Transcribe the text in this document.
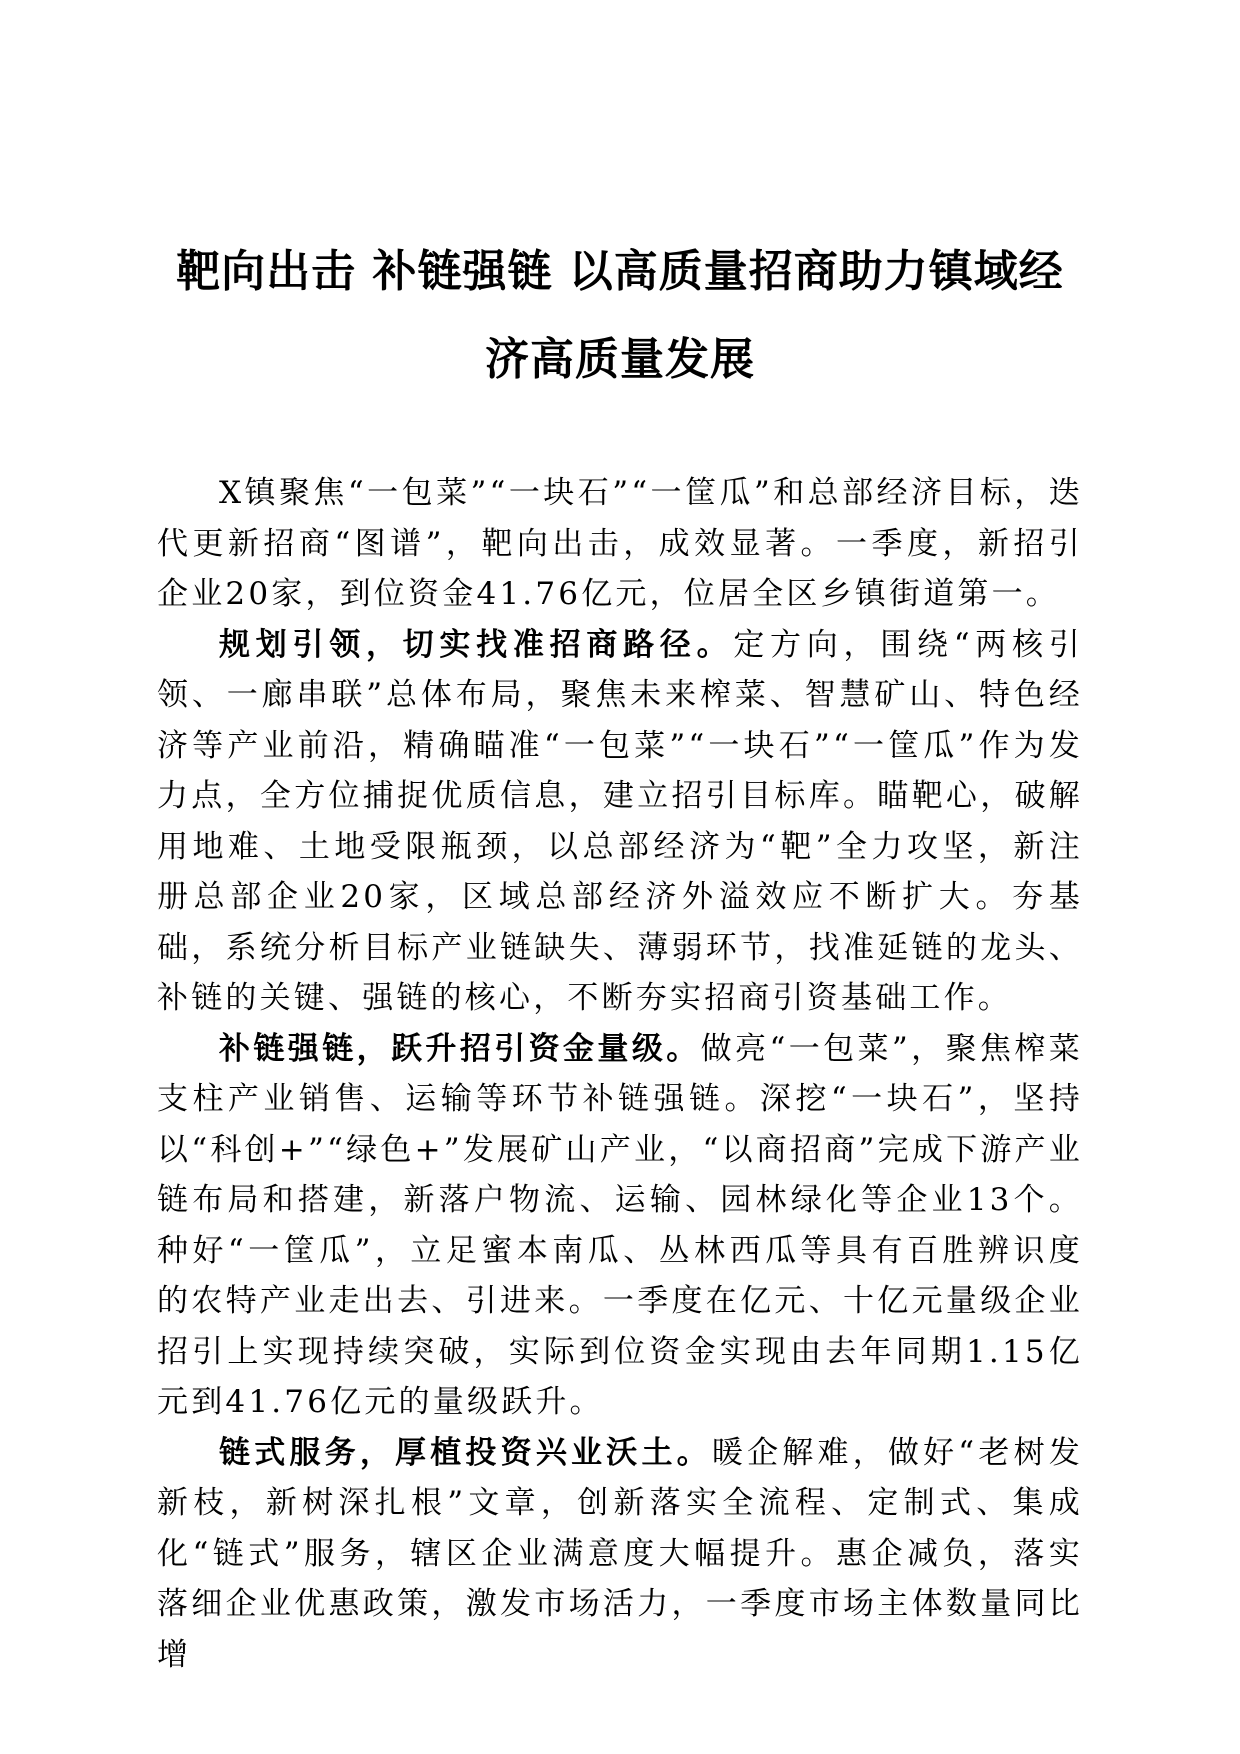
靶向出击 补链强链 以高质量招商助力镇域经
济高质量发展

X镇聚焦“一包菜”“一块石”“一筐瓜”和总部经济目标，迭代更新招商“图谱”，靶向出击，成效显著。一季度，新招引企业20家，到位资金41.76亿元，位居全区乡镇街道第一。

规划引领，切实找准招商路径。定方向，围绕“两核引领、一廊串联”总体布局，聚焦未来榨菜、智慧矿山、特色经济等产业前沿，精确瞄准“一包菜”“一块石”“一筐瓜”作为发力点，全方位捕捉优质信息，建立招引目标库。瞄靶心，破解用地难、土地受限瓶颈，以总部经济为“靶”全力攻坚，新注册总部企业20家，区域总部经济外溢效应不断扩大。夯基础，系统分析目标产业链缺失、薄弱环节，找准延链的龙头、补链的关键、强链的核心，不断夯实招商引资基础工作。

补链强链，跃升招引资金量级。做亮“一包菜”，聚焦榨菜支柱产业销售、运输等环节补链强链。深挖“一块石”，坚持以“科创+”“绿色+”发展矿山产业，“以商招商”完成下游产业链布局和搭建，新落户物流、运输、园林绿化等企业13个。种好“一筐瓜”，立足蜜本南瓜、丛林西瓜等具有百胜辨识度的农特产业走出去、引进来。一季度在亿元、十亿元量级企业招引上实现持续突破，实际到位资金实现由去年同期1.15亿元到41.76亿元的量级跃升。

链式服务，厚植投资兴业沃土。暖企解难，做好“老树发新枝，新树深扎根”文章，创新落实全流程、定制式、集成化“链式”服务，辖区企业满意度大幅提升。惠企减负，落实落细企业优惠政策，激发市场活力，一季度市场主体数量同比增
